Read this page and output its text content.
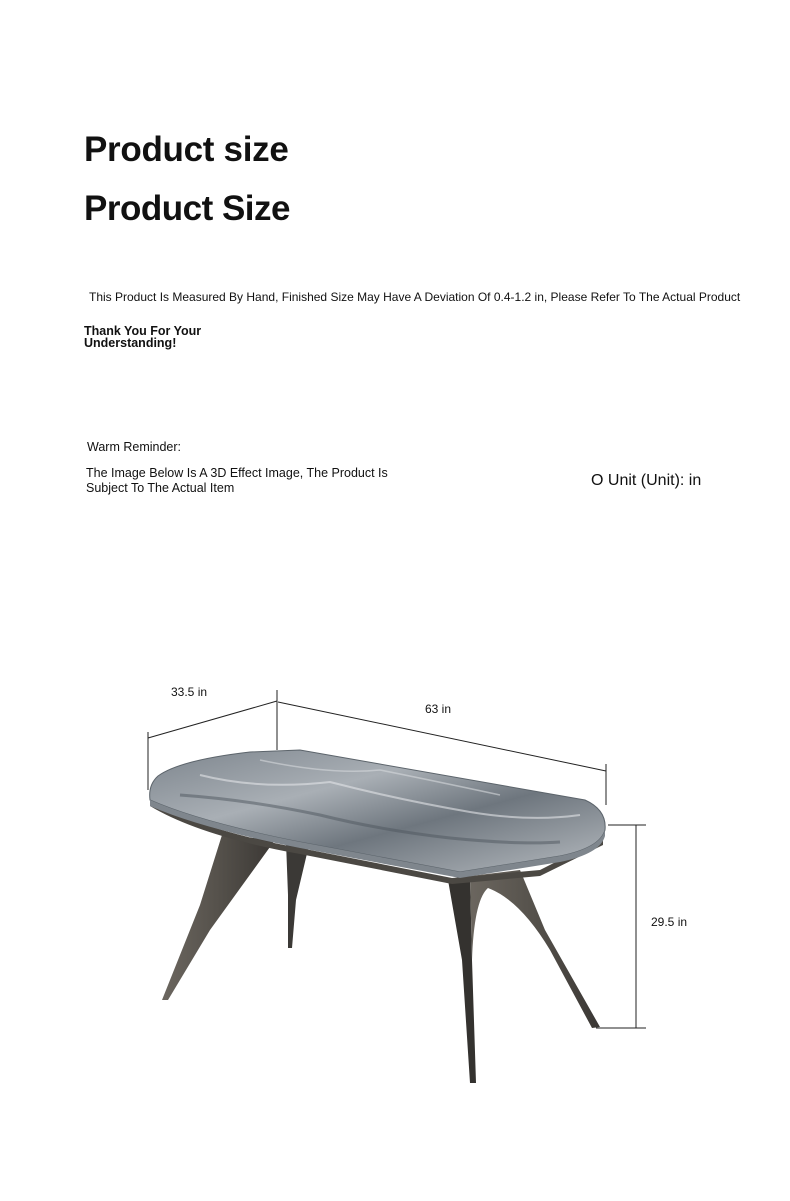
Product size
Product Size
This Product Is Measured By Hand, Finished Size May Have A Deviation Of 0.4-1.2 in, Please Refer To The Actual Product
Thank You For Your Understanding!
Warm Reminder:
The Image Below Is A 3D Effect Image, The Product Is Subject To The Actual Item	O Unit (Unit): in
33.5 in
63 in
29.5 in
